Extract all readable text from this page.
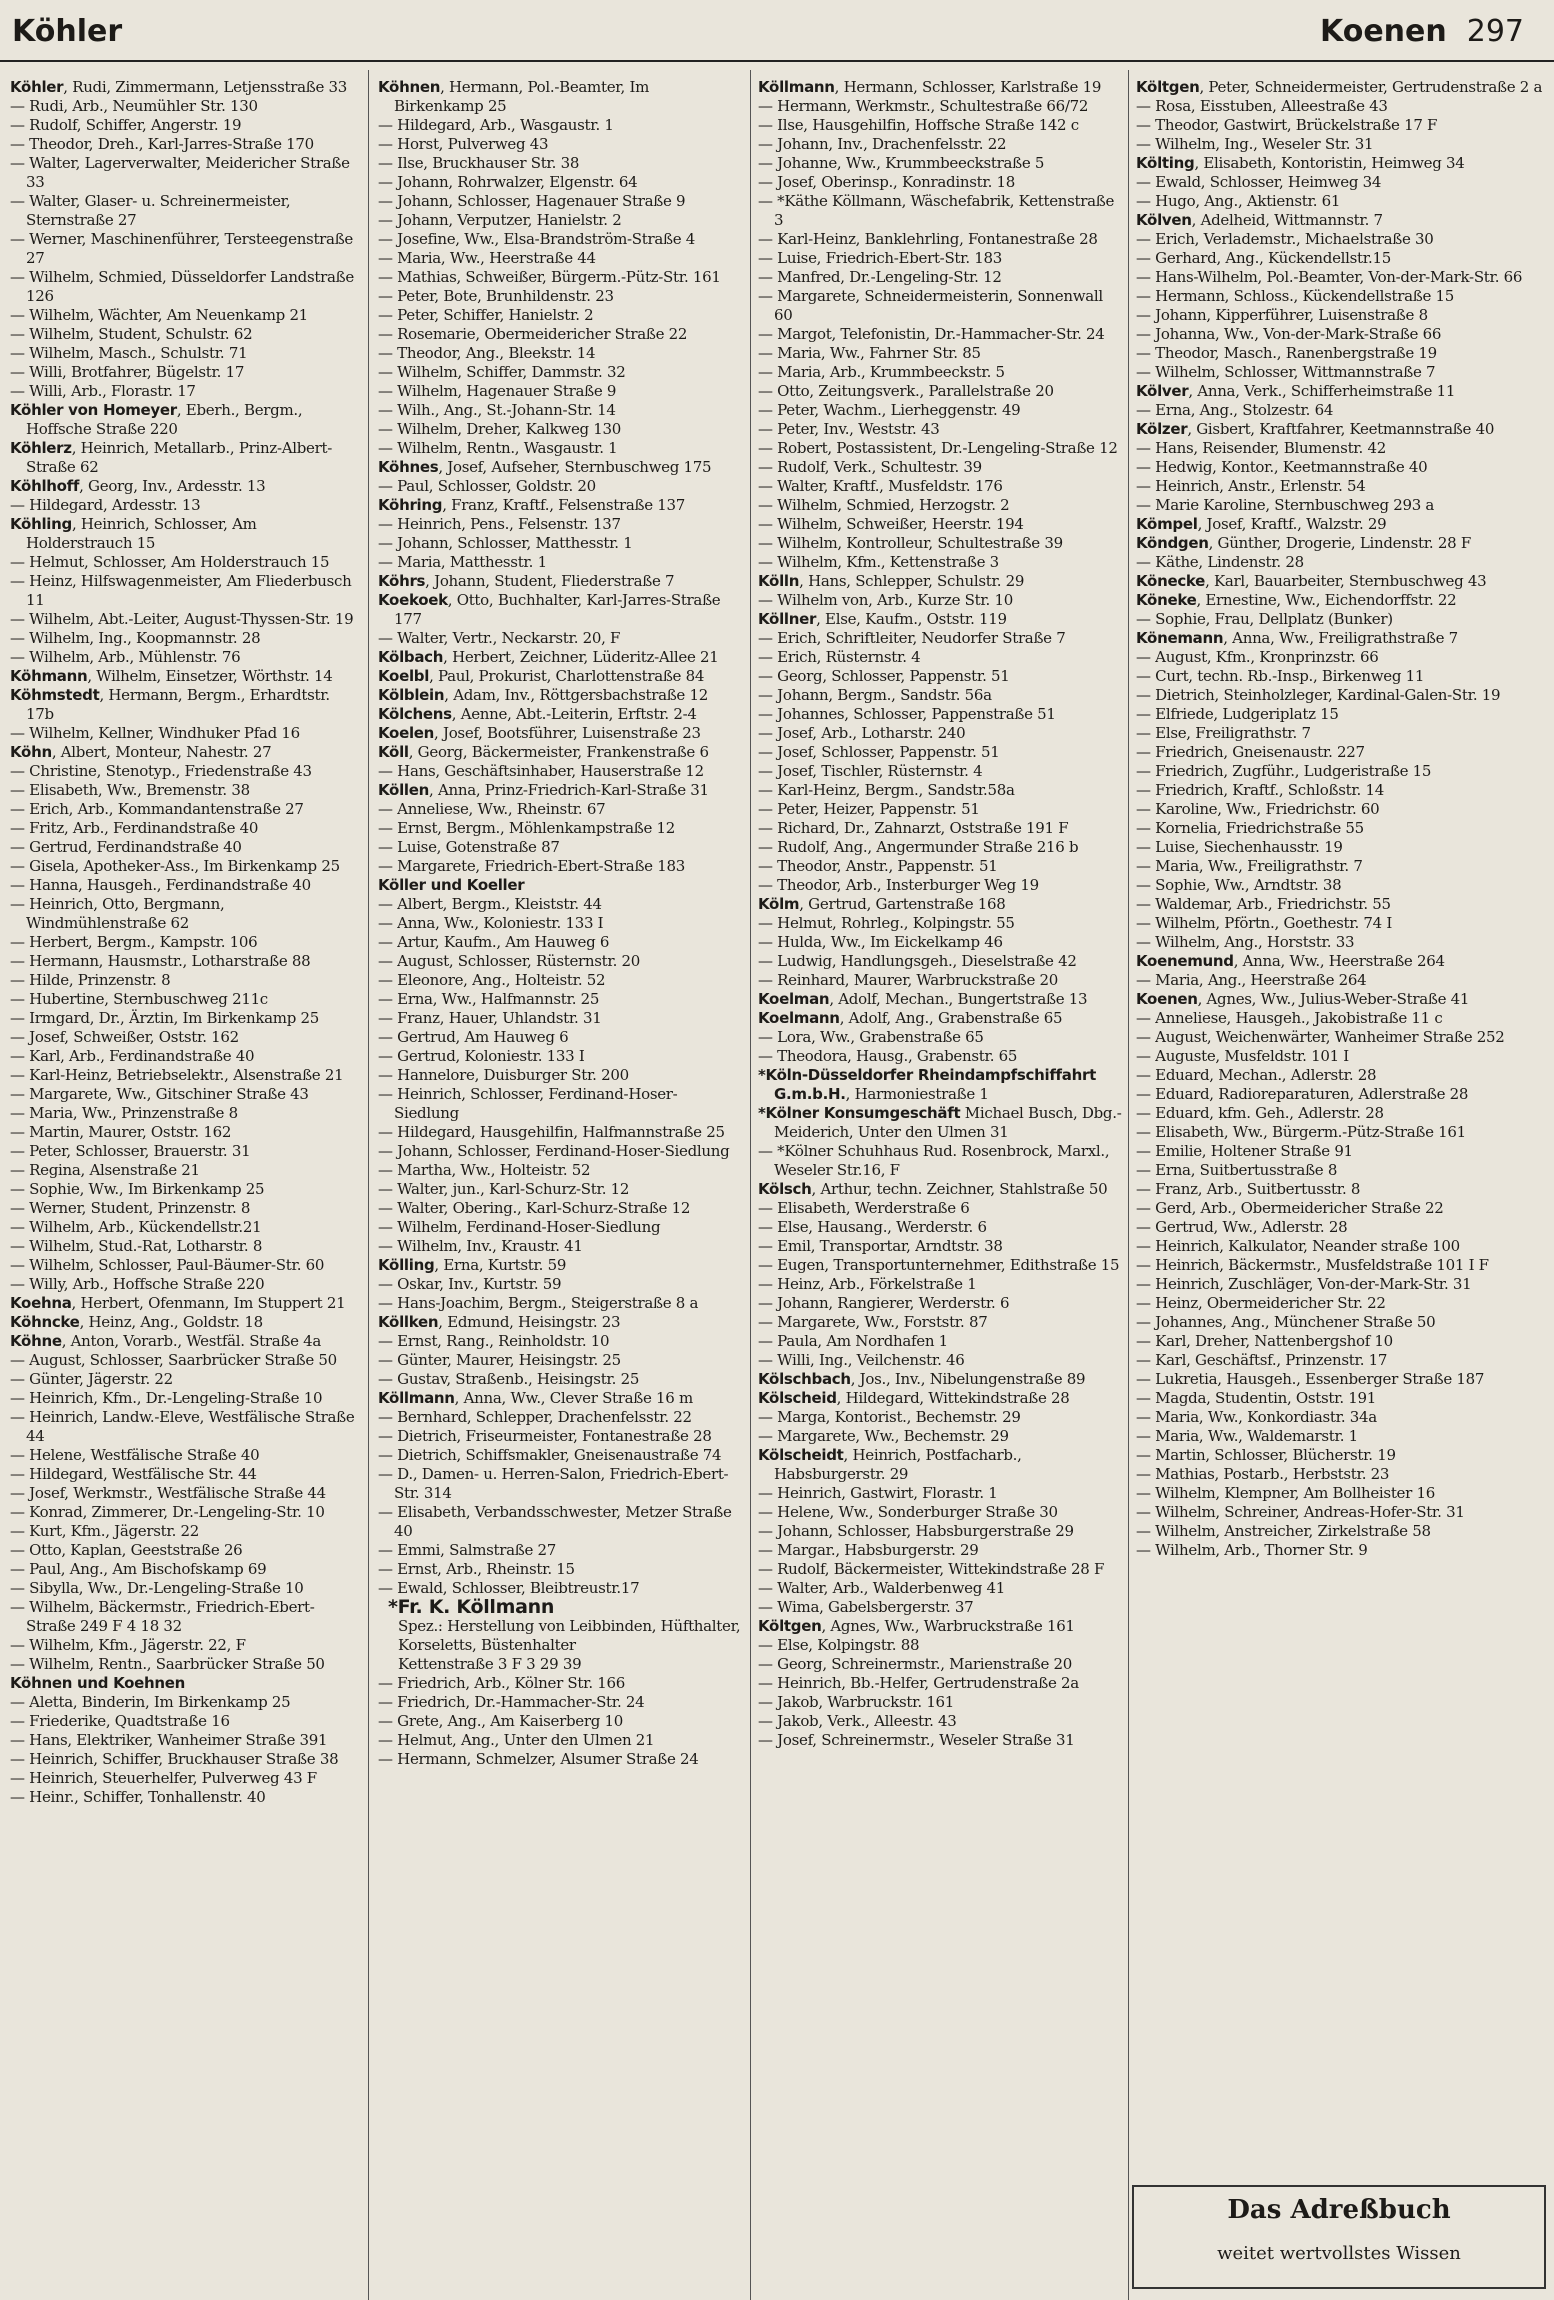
Köhler	Koenen 297
Köhler, Rudi, Zimmermann, Letjensstraße 33
— Rudi, Arb., Neumühler Str. 130
— Rudolf, Schiffer, Angerstr. 19
— Theodor, Dreh., Karl-Jarres-Straße 170
— Walter, Lagerverwalter, Meidericher Straße 33
— Walter, Glaser- u. Schreinermeister, Sternstraße 27
— Werner, Maschinenführer, Tersteegenstraße 27
— Wilhelm, Schmied, Düsseldorfer Landstraße 126
— Wilhelm, Wächter, Am Neuenkamp 21
— Wilhelm, Student, Schulstr. 62
— Wilhelm, Masch., Schulstr. 71
— Willi, Brotfahrer, Bügelstr. 17
— Willi, Arb., Florastr. 17
Köhler von Homeyer, Eberh., Bergm., Hoffsche Straße 220
Köhlerz, Heinrich, Metallarb., Prinz-Albert-Straße 62
Köhlhoff, Georg, Inv., Ardesstr. 13
— Hildegard, Ardesstr. 13
Köhling, Heinrich, Schlosser, Am Holderstrauch 15
— Helmut, Schlosser, Am Holderstrauch 15
— Heinz, Hilfswagenmeister, Am Fliederbusch 11
— Wilhelm, Abt.-Leiter, August-Thyssen-Str. 19
— Wilhelm, Ing., Koopmannstr. 28
— Wilhelm, Arb., Mühlenstr. 76
Köhmann, Wilhelm, Einsetzer, Wörthstr. 14
Köhmstedt, Hermann, Bergm., Erhardtstr. 17b
— Wilhelm, Kellner, Windhuker Pfad 16
Köhn, Albert, Monteur, Nahestr. 27
— Christine, Stenotyp., Friedenstraße 43
— Elisabeth, Ww., Bremenstr. 38
— Erich, Arb., Kommandantenstraße 27
— Fritz, Arb., Ferdinandstraße 40
— Gertrud, Ferdinandstraße 40
— Gisela, Apotheker-Ass., Im Birkenkamp 25
— Hanna, Hausgeh., Ferdinandstraße 40
— Heinrich, Otto, Bergmann, Windmühlenstraße 62
— Herbert, Bergm., Kampstr. 106
— Hermann, Hausmstr., Lotharstraße 88
— Hilde, Prinzenstr. 8
— Hubertine, Sternbuschweg 211c
— Irmgard, Dr., Ärztin, Im Birkenkamp 25
— Josef, Schweißer, Oststr. 162
— Karl, Arb., Ferdinandstraße 40
— Karl-Heinz, Betriebselektr., Alsenstraße 21
— Margarete, Ww., Gitschiner Straße 43
— Maria, Ww., Prinzenstraße 8
— Martin, Maurer, Oststr. 162
— Peter, Schlosser, Brauerstr. 31
— Regina, Alsenstraße 21
— Sophie, Ww., Im Birkenkamp 25
— Werner, Student, Prinzenstr. 8
— Wilhelm, Arb., Kückendellstr.21
— Wilhelm, Stud.-Rat, Lotharstr. 8
— Wilhelm, Schlosser, Paul-Bäumer-Str. 60
— Willy, Arb., Hoffsche Straße 220
Koehna, Herbert, Ofenmann, Im Stuppert 21
Köhncke, Heinz, Ang., Goldstr. 18
Köhne, Anton, Vorarb., Westfäl. Straße 4a
— August, Schlosser, Saarbrücker Straße 50
— Günter, Jägerstr. 22
— Heinrich, Kfm., Dr.-Lengeling-Straße 10
— Heinrich, Landw.-Eleve, Westfälische Straße 44
— Helene, Westfälische Straße 40
— Hildegard, Westfälische Str. 44
— Josef, Werkmstr., Westfälische Straße 44
— Konrad, Zimmerer, Dr.-Lengeling-Str. 10
— Kurt, Kfm., Jägerstr. 22
— Otto, Kaplan, Geeststraße 26
— Paul, Ang., Am Bischofskamp 69
— Sibylla, Ww., Dr.-Lengeling-Straße 10
— Wilhelm, Bäckermstr., Friedrich-Ebert-Straße 249 F 4 18 32
— Wilhelm, Kfm., Jägerstr. 22, F
— Wilhelm, Rentn., Saarbrücker Straße 50
Köhnen und Koehnen
— Aletta, Binderin, Im Birkenkamp 25
— Friederike, Quadtstraße 16
— Hans, Elektriker, Wanheimer Straße 391
— Heinrich, Schiffer, Bruckhauser Straße 38
— Heinrich, Steuerhelfer, Pulverweg 43 F
— Heinr., Schiffer, Tonhallenstr. 40
Köhnen, Hermann, Pol.-Beamter, Im Birkenkamp 25
— Hildegard, Arb., Wasgaustr. 1
— Horst, Pulverweg 43
— Ilse, Bruckhauser Str. 38
— Johann, Rohrwalzer, Elgenstr. 64
— Johann, Schlosser, Hagenauer Straße 9
— Johann, Verputzer, Hanielstr. 2
— Josefine, Ww., Elsa-Brandström-Straße 4
— Maria, Ww., Heerstraße 44
— Mathias, Schweißer, Bürgerm.-Pütz-Str. 161
— Peter, Bote, Brunhildenstr. 23
— Peter, Schiffer, Hanielstr. 2
— Rosemarie, Obermeidericher Straße 22
— Theodor, Ang., Bleekstr. 14
— Wilhelm, Schiffer, Dammstr. 32
— Wilhelm, Hagenauer Straße 9
— Wilh., Ang., St.-Johann-Str. 14
— Wilhelm, Dreher, Kalkweg 130
— Wilhelm, Rentn., Wasgaustr. 1
Köhnes, Josef, Aufseher, Sternbuschweg 175
— Paul, Schlosser, Goldstr. 20
Köhring, Franz, Kraftf., Felsenstraße 137
— Heinrich, Pens., Felsenstr. 137
— Johann, Schlosser, Matthesstr. 1
— Maria, Matthesstr. 1
Köhrs, Johann, Student, Fliederstraße 7
Koekoek, Otto, Buchhalter, Karl-Jarres-Straße 177
— Walter, Vertr., Neckarstr. 20, F
Kölbach, Herbert, Zeichner, Lüderitz-Allee 21
Koelbl, Paul, Prokurist, Charlottenstraße 84
Kölblein, Adam, Inv., Röttgersbachstraße 12
Kölchens, Aenne, Abt.-Leiterin, Erftstr. 2-4
Koelen, Josef, Bootsführer, Luisenstraße 23
Köll, Georg, Bäckermeister, Frankenstraße 6
— Hans, Geschäftsinhaber, Hauserstraße 12
Köllen, Anna, Prinz-Friedrich-Karl-Straße 31
— Anneliese, Ww., Rheinstr. 67
— Ernst, Bergm., Möhlenkampstraße 12
— Luise, Gotenstraße 87
— Margarete, Friedrich-Ebert-Straße 183
Köller und Koeller
— Albert, Bergm., Kleiststr. 44
— Anna, Ww., Koloniestr. 133 I
— Artur, Kaufm., Am Hauweg 6
— August, Schlosser, Rüsternstr. 20
— Eleonore, Ang., Holteistr. 52
— Erna, Ww., Halfmannstr. 25
— Franz, Hauer, Uhlandstr. 31
— Gertrud, Am Hauweg 6
— Gertrud, Koloniestr. 133 I
— Hannelore, Duisburger Str. 200
— Heinrich, Schlosser, Ferdinand-Hoser-Siedlung
— Hildegard, Hausgehilfin, Halfmannstraße 25
— Johann, Schlosser, Ferdinand-Hoser-Siedlung
— Martha, Ww., Holteistr. 52
— Walter, jun., Karl-Schurz-Str. 12
— Walter, Obering., Karl-Schurz-Straße 12
— Wilhelm, Ferdinand-Hoser-Siedlung
— Wilhelm, Inv., Kraustr. 41
Kölling, Erna, Kurtstr. 59
— Oskar, Inv., Kurtstr. 59
— Hans-Joachim, Bergm., Steigerstraße 8 a
Köllken, Edmund, Heisingstr. 23
— Ernst, Rang., Reinholdstr. 10
— Günter, Maurer, Heisingstr. 25
— Gustav, Straßenb., Heisingstr. 25
Köllmann, Anna, Ww., Clever Straße 16 m
— Bernhard, Schlepper, Drachenfelsstr. 22
— Dietrich, Friseurmeister, Fontanestraße 28
— Dietrich, Schiffsmakler, Gneisenaustraße 74
— D., Damen- u. Herren-Salon, Friedrich-Ebert-Str. 314
— Elisabeth, Verbandsschwester, Metzer Straße 40
— Emmi, Salmstraße 27
— Ernst, Arb., Rheinstr. 15
— Ewald, Schlosser, Bleibtreustr.17
*Fr. K. Köllmann
Spez.: Herstellung von Leibbinden, Hüfthalter, Korseletts, Büstenhalter
Kettenstraße 3 F 3 29 39
— Friedrich, Arb., Kölner Str. 166
— Friedrich, Dr.-Hammacher-Str. 24
— Grete, Ang., Am Kaiserberg 10
— Helmut, Ang., Unter den Ulmen 21
— Hermann, Schmelzer, Alsumer Straße 24
Köllmann, Hermann, Schlosser, Karlstraße 19
— Hermann, Werkmstr., Schultestraße 66/72
— Ilse, Hausgehilfin, Hoffsche Straße 142 c
— Johann, Inv., Drachenfelsstr. 22
— Johanne, Ww., Krummbeeckstraße 5
— Josef, Oberinsp., Konradinstr. 18
— *Käthe Köllmann, Wäschefabrik, Kettenstraße 3
— Karl-Heinz, Banklehrling, Fontanestraße 28
— Luise, Friedrich-Ebert-Str. 183
— Manfred, Dr.-Lengeling-Str. 12
— Margarete, Schneidermeisterin, Sonnenwall 60
— Margot, Telefonistin, Dr.-Hammacher-Str. 24
— Maria, Ww., Fahrner Str. 85
— Maria, Arb., Krummbeeckstr. 5
— Otto, Zeitungsverk., Parallelstraße 20
— Peter, Wachm., Lierheggenstr. 49
— Peter, Inv., Weststr. 43
— Robert, Postassistent, Dr.-Lengeling-Straße 12
— Rudolf, Verk., Schultestr. 39
— Walter, Kraftf., Musfeldstr. 176
— Wilhelm, Schmied, Herzogstr. 2
— Wilhelm, Schweißer, Heerstr. 194
— Wilhelm, Kontrolleur, Schultestraße 39
— Wilhelm, Kfm., Kettenstraße 3
Kölln, Hans, Schlepper, Schulstr. 29
— Wilhelm von, Arb., Kurze Str. 10
Köllner, Else, Kaufm., Oststr. 119
— Erich, Schriftleiter, Neudorfer Straße 7
— Erich, Rüsternstr. 4
— Georg, Schlosser, Pappenstr. 51
— Johann, Bergm., Sandstr. 56a
— Johannes, Schlosser, Pappenstraße 51
— Josef, Arb., Lotharstr. 240
— Josef, Schlosser, Pappenstr. 51
— Josef, Tischler, Rüsternstr. 4
— Karl-Heinz, Bergm., Sandstr.58a
— Peter, Heizer, Pappenstr. 51
— Richard, Dr., Zahnarzt, Oststraße 191 F
— Rudolf, Ang., Angermunder Straße 216 b
— Theodor, Anstr., Pappenstr. 51
— Theodor, Arb., Insterburger Weg 19
Kölm, Gertrud, Gartenstraße 168
— Helmut, Rohrleg., Kolpingstr. 55
— Hulda, Ww., Im Eickelkamp 46
— Ludwig, Handlungsgeh., Dieselstraße 42
— Reinhard, Maurer, Warbruckstraße 20
Koelman, Adolf, Mechan., Bungertstraße 13
Koelmann, Adolf, Ang., Grabenstraße 65
— Lora, Ww., Grabenstraße 65
— Theodora, Hausg., Grabenstr. 65
*Köln-Düsseldorfer Rheindampfschiffahrt G.m.b.H., Harmoniestraße 1
*Kölner Konsumgeschäft Michael Busch, Dbg.-Meiderich, Unter den Ulmen 31
— *Kölner Schuhhaus Rud. Rosenbrock, Marxl., Weseler Str.16, F
Kölsch, Arthur, techn. Zeichner, Stahlstraße 50
— Elisabeth, Werderstraße 6
— Else, Hausang., Werderstr. 6
— Emil, Transportar, Arndtstr. 38
— Eugen, Transportunternehmer, Edithstraße 15
— Heinz, Arb., Förkelstraße 1
— Johann, Rangierer, Werderstr. 6
— Margarete, Ww., Forststr. 87
— Paula, Am Nordhafen 1
— Willi, Ing., Veilchenstr. 46
Kölschbach, Jos., Inv., Nibelungenstraße 89
Kölscheid, Hildegard, Wittekindstraße 28
— Marga, Kontorist., Bechemstr. 29
— Margarete, Ww., Bechemstr. 29
Kölscheidt, Heinrich, Postfacharb., Habsburgerstr. 29
— Heinrich, Gastwirt, Florastr. 1
— Helene, Ww., Sonderburger Straße 30
— Johann, Schlosser, Habsburgerstraße 29
— Margar., Habsburgerstr. 29
— Rudolf, Bäckermeister, Wittekindstraße 28 F
— Walter, Arb., Walderbenweg 41
— Wima, Gabelsbergerstr. 37
Költgen, Agnes, Ww., Warbruckstraße 161
— Else, Kolpingstr. 88
— Georg, Schreinermstr., Marienstraße 20
— Heinrich, Bb.-Helfer, Gertrudenstraße 2a
— Jakob, Warbruckstr. 161
— Jakob, Verk., Alleestr. 43
— Josef, Schreinermstr., Weseler Straße 31
Költgen, Peter, Schneidermeister, Gertrudenstraße 2 a
— Rosa, Eisstuben, Alleestraße 43
— Theodor, Gastwirt, Brückelstraße 17 F
— Wilhelm, Ing., Weseler Str. 31
Költing, Elisabeth, Kontoristin, Heimweg 34
— Ewald, Schlosser, Heimweg 34
— Hugo, Ang., Aktienstr. 61
Kölven, Adelheid, Wittmannstr. 7
— Erich, Verlademstr., Michaelstraße 30
— Gerhard, Ang., Kückendellstr.15
— Hans-Wilhelm, Pol.-Beamter, Von-der-Mark-Str. 66
— Hermann, Schloss., Kückendellstraße 15
— Johann, Kipperführer, Luisenstraße 8
— Johanna, Ww., Von-der-Mark-Straße 66
— Theodor, Masch., Ranenbergstraße 19
— Wilhelm, Schlosser, Wittmannstraße 7
Kölver, Anna, Verk., Schifferheimstraße 11
— Erna, Ang., Stolzestr. 64
Kölzer, Gisbert, Kraftfahrer, Keetmannstraße 40
— Hans, Reisender, Blumenstr. 42
— Hedwig, Kontor., Keetmannstraße 40
— Heinrich, Anstr., Erlenstr. 54
— Marie Karoline, Sternbuschweg 293 a
Kömpel, Josef, Kraftf., Walzstr. 29
Köndgen, Günther, Drogerie, Lindenstr. 28 F
— Käthe, Lindenstr. 28
Könecke, Karl, Bauarbeiter, Sternbuschweg 43
Köneke, Ernestine, Ww., Eichendorffstr. 22
— Sophie, Frau, Dellplatz (Bunker)
Könemann, Anna, Ww., Freiligrathstraße 7
— August, Kfm., Kronprinzstr. 66
— Curt, techn. Rb.-Insp., Birkenweg 11
— Dietrich, Steinholzleger, Kardinal-Galen-Str. 19
— Elfriede, Ludgeriplatz 15
— Else, Freiligrathstr. 7
— Friedrich, Gneisenaustr. 227
— Friedrich, Zugführ., Ludgeristraße 15
— Friedrich, Kraftf., Schloßstr. 14
— Karoline, Ww., Friedrichstr. 60
— Kornelia, Friedrichstraße 55
— Luise, Siechenhausstr. 19
— Maria, Ww., Freiligrathstr. 7
— Sophie, Ww., Arndtstr. 38
— Waldemar, Arb., Friedrichstr. 55
— Wilhelm, Pförtn., Goethestr. 74 I
— Wilhelm, Ang., Horststr. 33
Koenemund, Anna, Ww., Heerstraße 264
— Maria, Ang., Heerstraße 264
Koenen, Agnes, Ww., Julius-Weber-Straße 41
— Anneliese, Hausgeh., Jakobistraße 11 c
— August, Weichenwärter, Wanheimer Straße 252
— Auguste, Musfeldstr. 101 I
— Eduard, Mechan., Adlerstr. 28
— Eduard, Radioreparaturen, Adlerstraße 28
— Eduard, kfm. Geh., Adlerstr. 28
— Elisabeth, Ww., Bürgerm.-Pütz-Straße 161
— Emilie, Holtener Straße 91
— Erna, Suitbertusstraße 8
— Franz, Arb., Suitbertusstr. 8
— Gerd, Arb., Obermeidericher Straße 22
— Gertrud, Ww., Adlerstr. 28
— Heinrich, Kalkulator, Neander straße 100
— Heinrich, Bäckermstr., Musfeldstraße 101 I F
— Heinrich, Zuschläger, Von-der-Mark-Str. 31
— Heinz, Obermeidericher Str. 22
— Johannes, Ang., Münchener Straße 50
— Karl, Dreher, Nattenbergshof 10
— Karl, Geschäftsf., Prinzenstr. 17
— Lukretia, Hausgeh., Essenberger Straße 187
— Magda, Studentin, Oststr. 191
— Maria, Ww., Konkordiastr. 34a
— Maria, Ww., Waldemarstr. 1
— Martin, Schlosser, Blücherstr. 19
— Mathias, Postarb., Herbststr. 23
— Wilhelm, Klempner, Am Bollheister 16
— Wilhelm, Schreiner, Andreas-Hofer-Str. 31
— Wilhelm, Anstreicher, Zirkelstraße 58
— Wilhelm, Arb., Thorner Str. 9
Das Adreßbuch
weitet wertvollstes Wissen
